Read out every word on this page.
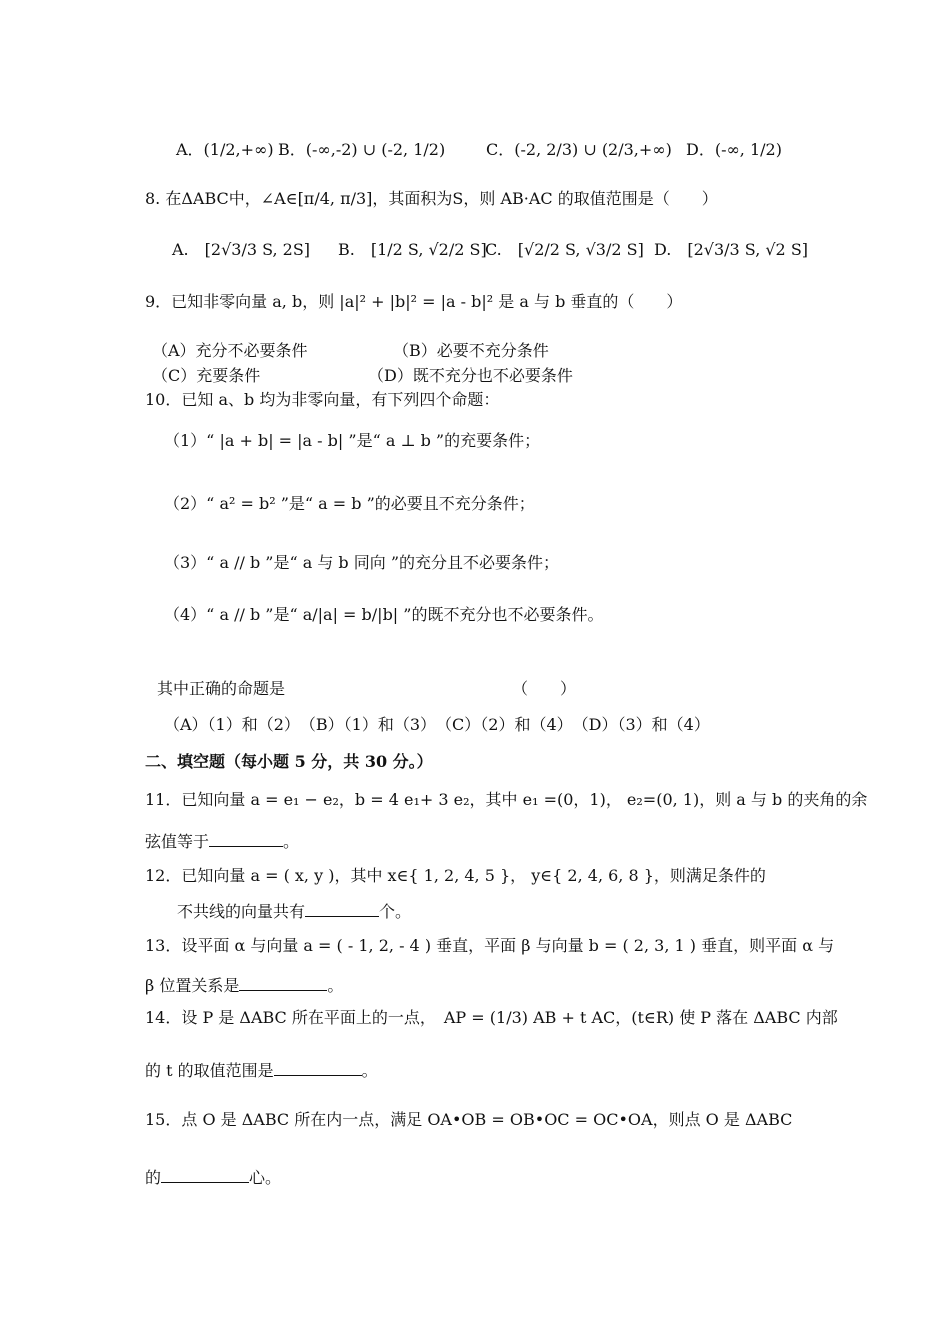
A．(1/2,+∞) B．(-∞,-2) ∪ (-2, 1/2)	C．(-2, 2/3) ∪ (2/3,+∞) D．(-∞, 1/2)
8. 在ΔABC中，∠A∈[π/4, π/3]，其面积为S，则 AB·AC 的取值范围是（　　）
A.　[2√3/3 S, 2S] B.　[1/2 S, √2/2 S]
C.　[√2/2 S, √3/2 S] D.　[2√3/3 S, √2 S]
9．已知非零向量 a, b，则 |a|² + |b|² = |a - b|² 是 a 与 b 垂直的（　　）
（A）充分不必要条件	（B）必要不充分条件
（C）充要条件	（D）既不充分也不必要条件
10．已知 a、b 均为非零向量，有下列四个命题：
（1）“ |a + b| = |a - b| ”是“ a ⊥ b ”的充要条件；
（2）“ a² = b² ”是“ a = b ”的必要且不充分条件；
（3）“ a // b ”是“ a 与 b 同向 ”的充分且不必要条件；
（4）“ a // b ”是“ a/|a| = b/|b| ”的既不充分也不必要条件。
其中正确的命题是	（　　）
（A）（1）和（2）　（B）（1）和（3）　（C）（2）和（4）　（D）（3）和（4）
二、填空题（每小题 5 分，共 30 分。）
11．已知向量 a = e₁ − e₂，b = 4 e₁+ 3 e₂，其中 e₁ =(0，1)， e₂=(0, 1)，则 a 与 b 的夹角的余
弦值等于	。
12．已知向量 a = ( x, y )，其中 x∈{ 1, 2, 4, 5 }， y∈{ 2, 4, 6, 8 }，则满足条件的
不共线的向量共有	个。
13．设平面 α 与向量 a = ( - 1, 2, - 4 ) 垂直，平面 β 与向量 b = ( 2, 3, 1 ) 垂直，则平面 α 与
β 位置关系是	。
14．设 P 是 ΔABC 所在平面上的一点，　AP = (1/3) AB + t AC，(t∈R) 使 P 落在 ΔABC 内部
的 t 的取值范围是	。
15．点 O 是 ΔABC 所在内一点，满足 OA•OB = OB•OC = OC•OA，则点 O 是 ΔABC
的	心。
